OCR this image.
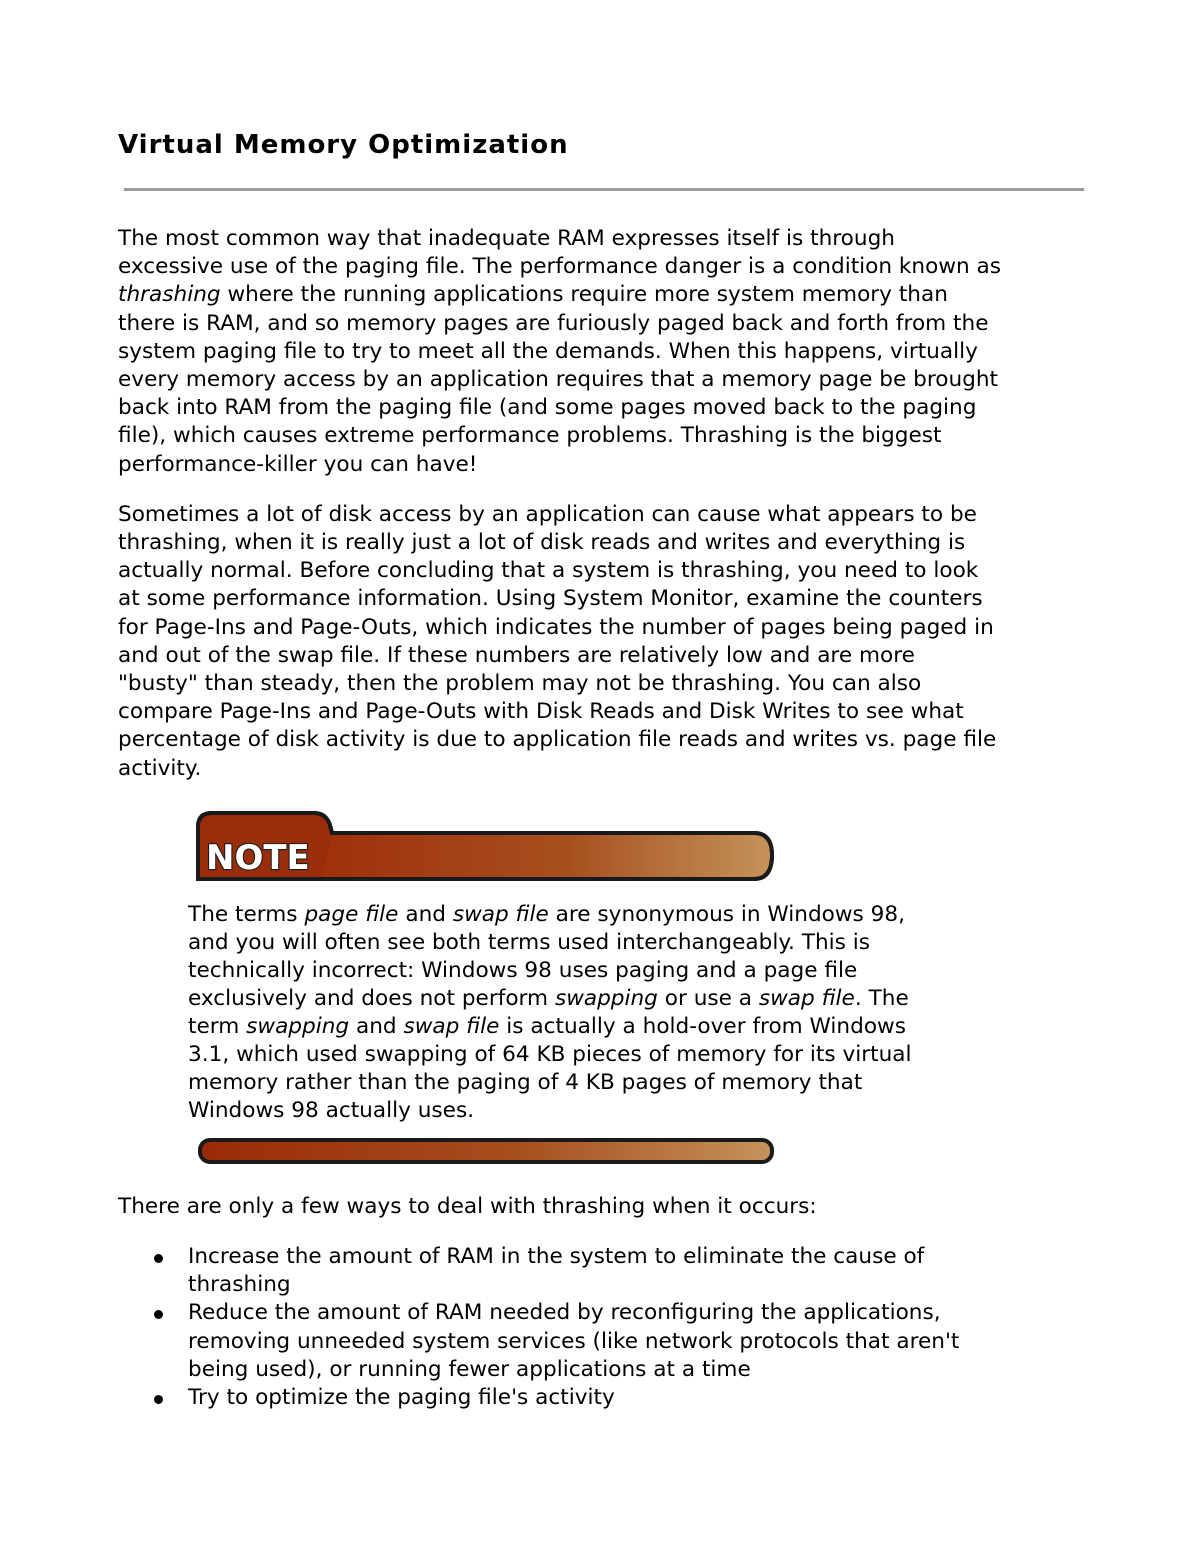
Virtual Memory Optimization

The most common way that inadequate RAM expresses itself is through
excessive use of the paging file. The performance danger is a condition known as
thrashing where the running applications require more system memory than
there is RAM, and so memory pages are furiously paged back and forth from the
system paging file to try to meet all the demands. When this happens, virtually
every memory access by an application requires that a memory page be brought
back into RAM from the paging file (and some pages moved back to the paging
file), which causes extreme performance problems. Thrashing is the biggest
performance-killer you can have!

Sometimes a lot of disk access by an application can cause what appears to be
thrashing, when it is really just a lot of disk reads and writes and everything is
actually normal. Before concluding that a system is thrashing, you need to look
at some performance information. Using System Monitor, examine the counters
for Page-Ins and Page-Outs, which indicates the number of pages being paged in
and out of the swap file. If these numbers are relatively low and are more
"busty" than steady, then the problem may not be thrashing. You can also
compare Page-Ins and Page-Outs with Disk Reads and Disk Writes to see what
percentage of disk activity is due to application file reads and writes vs. page file
activity.

NOTE
The terms page file and swap file are synonymous in Windows 98,
and you will often see both terms used interchangeably. This is
technically incorrect: Windows 98 uses paging and a page file
exclusively and does not perform swapping or use a swap file. The
term swapping and swap file is actually a hold-over from Windows
3.1, which used swapping of 64 KB pieces of memory for its virtual
memory rather than the paging of 4 KB pages of memory that
Windows 98 actually uses.

There are only a few ways to deal with thrashing when it occurs:

Increase the amount of RAM in the system to eliminate the cause of
thrashing
Reduce the amount of RAM needed by reconfiguring the applications,
removing unneeded system services (like network protocols that aren't
being used), or running fewer applications at a time
Try to optimize the paging file's activity
